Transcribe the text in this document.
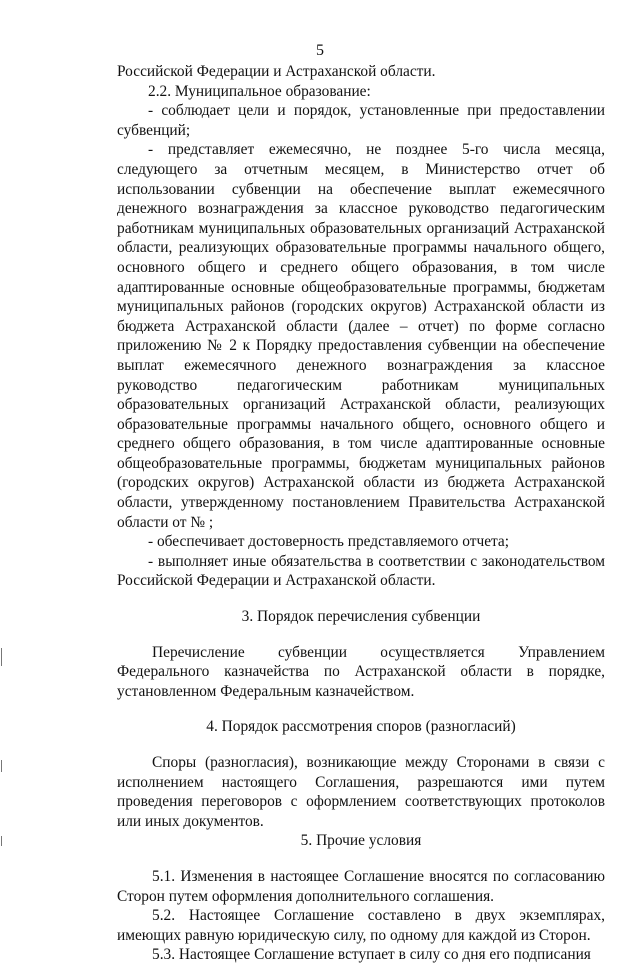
5

Российской Федерации и Астраханской области.

2.2. Муниципальное образование:

- соблюдает цели и порядок, установленные при предоставлении субвенций;

- представляет ежемесячно, не позднее 5-го числа месяца, следующего за отчетным месяцем, в Министерство отчет об использовании субвенции на обеспечение выплат ежемесячного денежного вознаграждения за классное руководство педагогическим работникам муниципальных образовательных организаций Астраханской области, реализующих образовательные программы начального общего, основного общего и среднего общего образования, в том числе адаптированные основные общеобразовательные программы, бюджетам муниципальных районов (городских округов) Астраханской области из бюджета Астраханской области (далее – отчет) по форме согласно приложению № 2 к Порядку предоставления субвенции на обеспечение выплат ежемесячного денежного вознаграждения за классное руководство педагогическим работникам муниципальных образовательных организаций Астраханской области, реализующих образовательные программы начального общего, основного общего и среднего общего образования, в том числе адаптированные основные общеобразовательные программы, бюджетам муниципальных районов (городских округов) Астраханской области из бюджета Астраханской области, утвержденному постановлением Правительства Астраханской области от № ;

- обеспечивает достоверность представляемого отчета;

- выполняет иные обязательства в соответствии с законодательством Российской Федерации и Астраханской области.

3. Порядок перечисления субвенции

Перечисление субвенции осуществляется Управлением Федерального казначейства по Астраханской области в порядке, установленном Федеральным казначейством.

4. Порядок рассмотрения споров (разногласий)

Споры (разногласия), возникающие между Сторонами в связи с исполнением настоящего Соглашения, разрешаются ими путем проведения переговоров с оформлением соответствующих протоколов или иных документов.

5. Прочие условия

5.1. Изменения в настоящее Соглашение вносятся по согласованию Сторон путем оформления дополнительного соглашения.

5.2. Настоящее Соглашение составлено в двух экземплярах, имеющих равную юридическую силу, по одному для каждой из Сторон.

5.3. Настоящее Соглашение вступает в силу со дня его подписания
